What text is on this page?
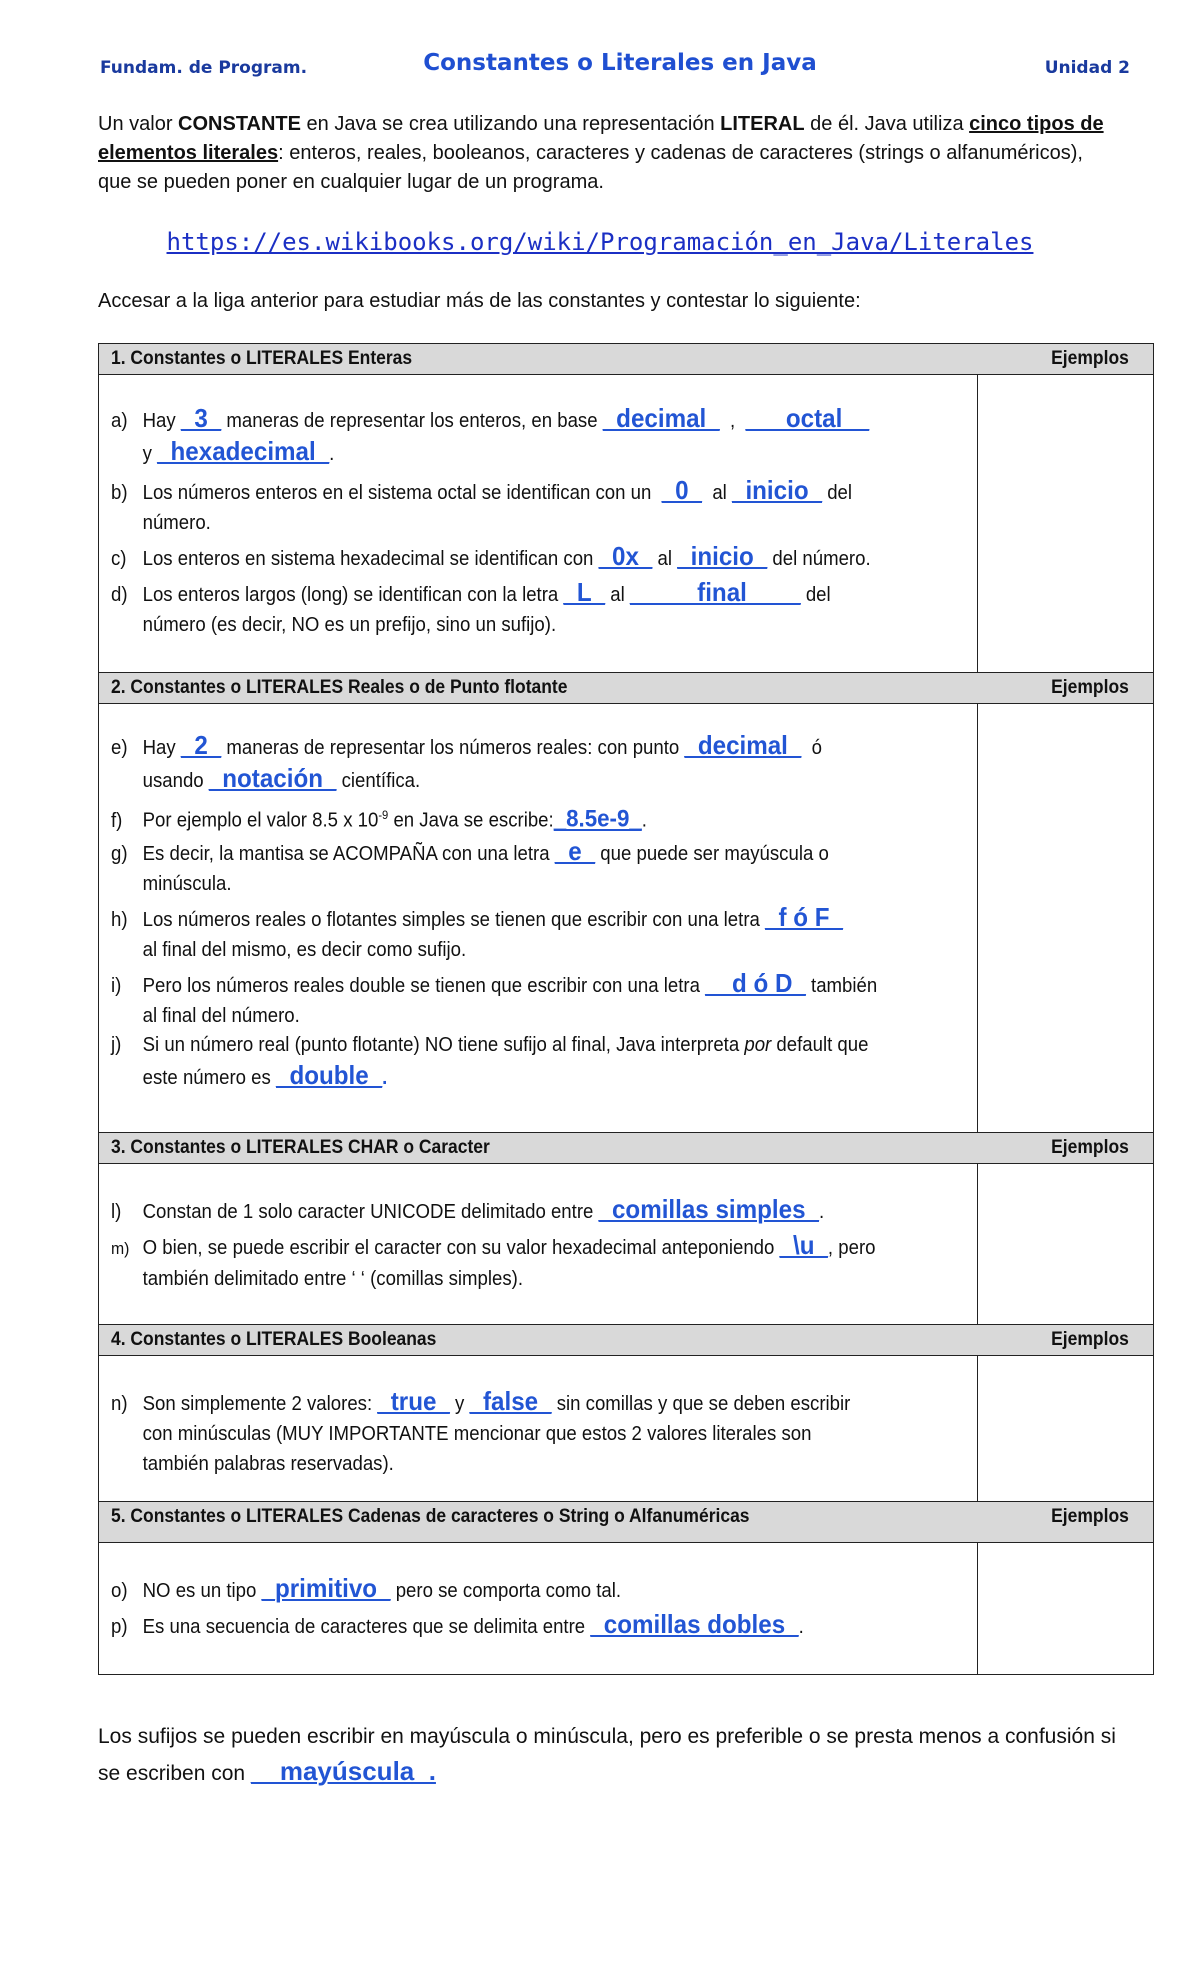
Fundam. de Program.	Constantes o Literales en Java	Unidad 2
Un valor CONSTANTE en Java se crea utilizando una representación LITERAL de él. Java utiliza cinco tipos de elementos literales: enteros, reales, booleanos, caracteres y cadenas de caracteres (strings o alfanuméricos), que se pueden poner en cualquier lugar de un programa.
https://es.wikibooks.org/wiki/Programación_en_Java/Literales
Accesar a la liga anterior para estudiar más de las constantes y contestar lo siguiente:
1. Constantes o LITERALES Enteras	Ejemplos
a) Hay _3_ maneras de representar los enteros, en base _decimal_  ,  ___octal__
y _hexadecimal_.
b) Los números enteros en el sistema octal se identifican con un  _0_  al _inicio_ del
número.
c) Los enteros en sistema hexadecimal se identifican con _0x_ al _inicio_ del número.
d) Los enteros largos (long) se identifican con la letra _L_ al _____final____ del
número (es decir, NO es un prefijo, sino un sufijo).
2. Constantes o LITERALES Reales o de Punto flotante	Ejemplos
e) Hay _2_ maneras de representar los números reales: con punto _decimal_  ó
usando _notación_ científica.
f) Por ejemplo el valor 8.5 x $10^{-9}$ en Java se escribe:_8.5e-9_.
g) Es decir, la mantisa se ACOMPAÑA con una letra _e_ que puede ser mayúscula o
minúscula.
h) Los números reales o flotantes simples se tienen que escribir con una letra _f ó F_
al final del mismo, es decir como sufijo.
i) Pero los números reales double se tienen que escribir con una letra __d ó D_ también
al final del número.
j) Si un número real (punto flotante) NO tiene sufijo al final, Java interpreta por default que
este número es _double_.
3. Constantes o LITERALES CHAR o Caracter	Ejemplos
l) Constan de 1 solo caracter UNICODE delimitado entre _comillas simples_.
m) O bien, se puede escribir el caracter con su valor hexadecimal anteponiendo _\u_, pero
también delimitado entre ‘ ‘ (comillas simples).
4. Constantes o LITERALES Booleanas	Ejemplos
n) Son simplemente 2 valores: _true_ y _false_ sin comillas y que se deben escribir
con minúsculas (MUY IMPORTANTE mencionar que estos 2 valores literales son
también palabras reservadas).
5. Constantes o LITERALES Cadenas de caracteres o String o Alfanuméricas	Ejemplos
o) NO es un tipo _primitivo_ pero se comporta como tal.
p) Es una secuencia de caracteres que se delimita entre _comillas dobles_.
Los sufijos se pueden escribir en mayúscula o minúscula, pero es preferible o se presta menos a confusión si se escriben con __mayúscula_.
